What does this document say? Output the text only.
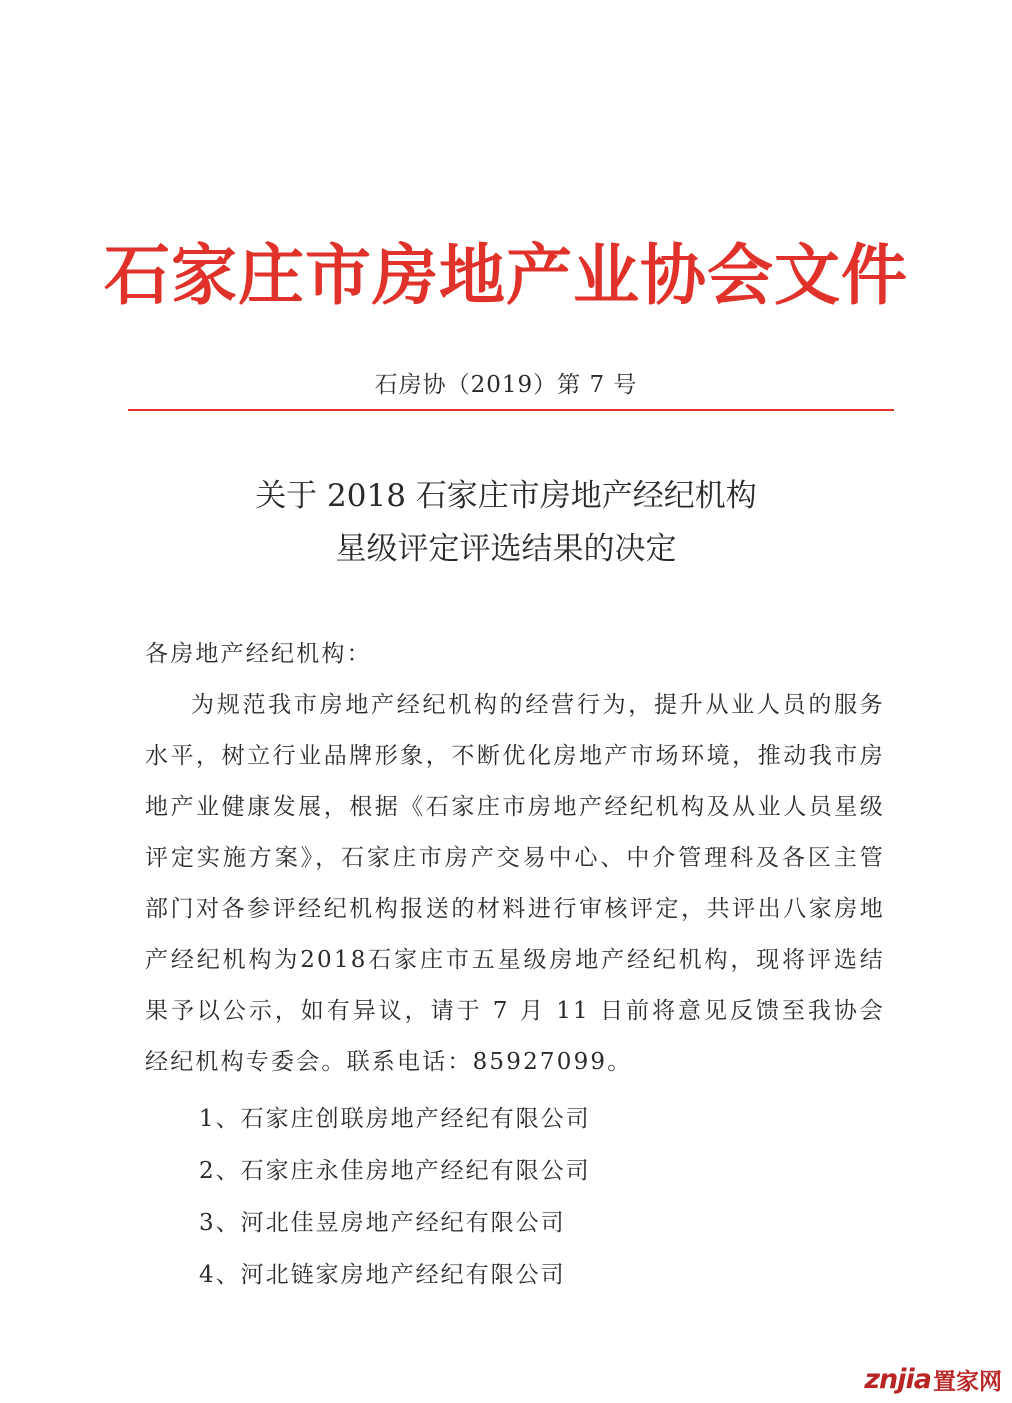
石家庄市房地产业协会文件
石房协（2019）第 7 号
关于 2018 石家庄市房地产经纪机构
星级评定评选结果的决定
各房地产经纪机构：
为规范我市房地产经纪机构的经营行为，提升从业人员的服务水平，树立行业品牌形象，不断优化房地产市场环境，推动我市房地产业健康发展，根据《石家庄市房地产经纪机构及从业人员星级评定实施方案》，石家庄市房产交易中心、中介管理科及各区主管部门对各参评经纪机构报送的材料进行审核评定，共评出八家房地产经纪机构为2018石家庄市五星级房地产经纪机构，现将评选结果予以公示，如有异议，请于 7 月 11 日前将意见反馈至我协会经纪机构专委会。联系电话：85927099。
1、石家庄创联房地产经纪有限公司
2、石家庄永佳房地产经纪有限公司
3、河北佳昱房地产经纪有限公司
4、河北链家房地产经纪有限公司
znjia 置家网
